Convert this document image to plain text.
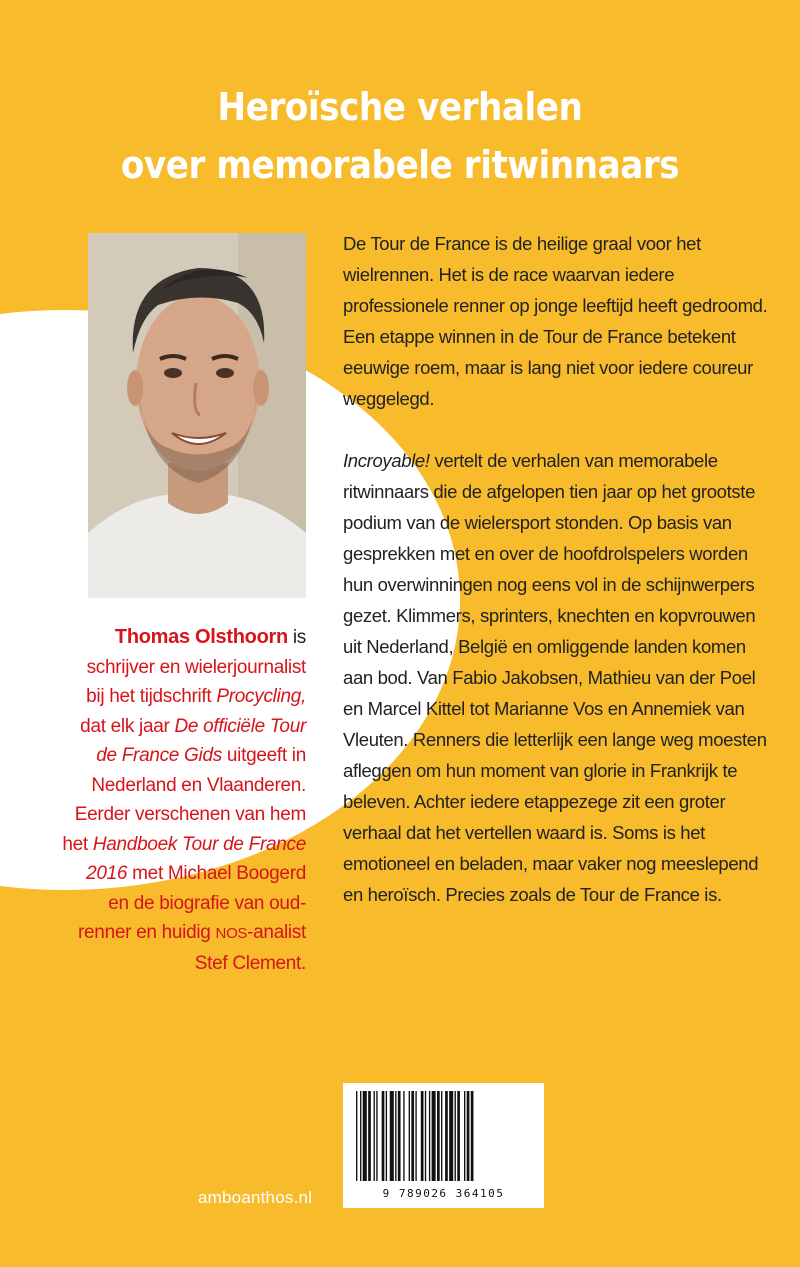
Heroïsche verhalen
over memorabele ritwinnaars
Thomas Olsthoorn is
schrijver en wielerjournalist
bij het tijdschrift Procycling,
dat elk jaar De officiële Tour
de France Gids uitgeeft in
Nederland en Vlaanderen.
Eerder verschenen van hem
het Handboek Tour de France
2016 met Michael Boogerd
en de biografie van oud-
renner en huidig NOS-analist
Stef Clement.

De Tour de France is de heilige graal voor het wielrennen. Het is de race waarvan iedere professionele renner op jonge leeftijd heeft gedroomd. Een etappe winnen in de Tour de France betekent eeuwige roem, maar is lang niet voor iedere coureur weggelegd.

Incroyable! vertelt de verhalen van memorabele ritwinnaars die de afgelopen tien jaar op het grootste podium van de wielersport stonden. Op basis van gesprekken met en over de hoofdrolspelers worden hun overwinningen nog eens vol in de schijnwerpers gezet. Klimmers, sprinters, knechten en kopvrouwen uit Nederland, België en omliggende landen komen aan bod. Van Fabio Jakobsen, Mathieu van der Poel en Marcel Kittel tot Marianne Vos en Annemiek van Vleuten. Renners die letterlijk een lange weg moesten afleggen om hun moment van glorie in Frankrijk te beleven. Achter iedere etappezege zit een groter verhaal dat het vertellen waard is. Soms is het emotioneel en beladen, maar vaker nog meeslepend en heroïsch. Precies zoals de Tour de France is.

9 789026 364105
amboanthos.nl
